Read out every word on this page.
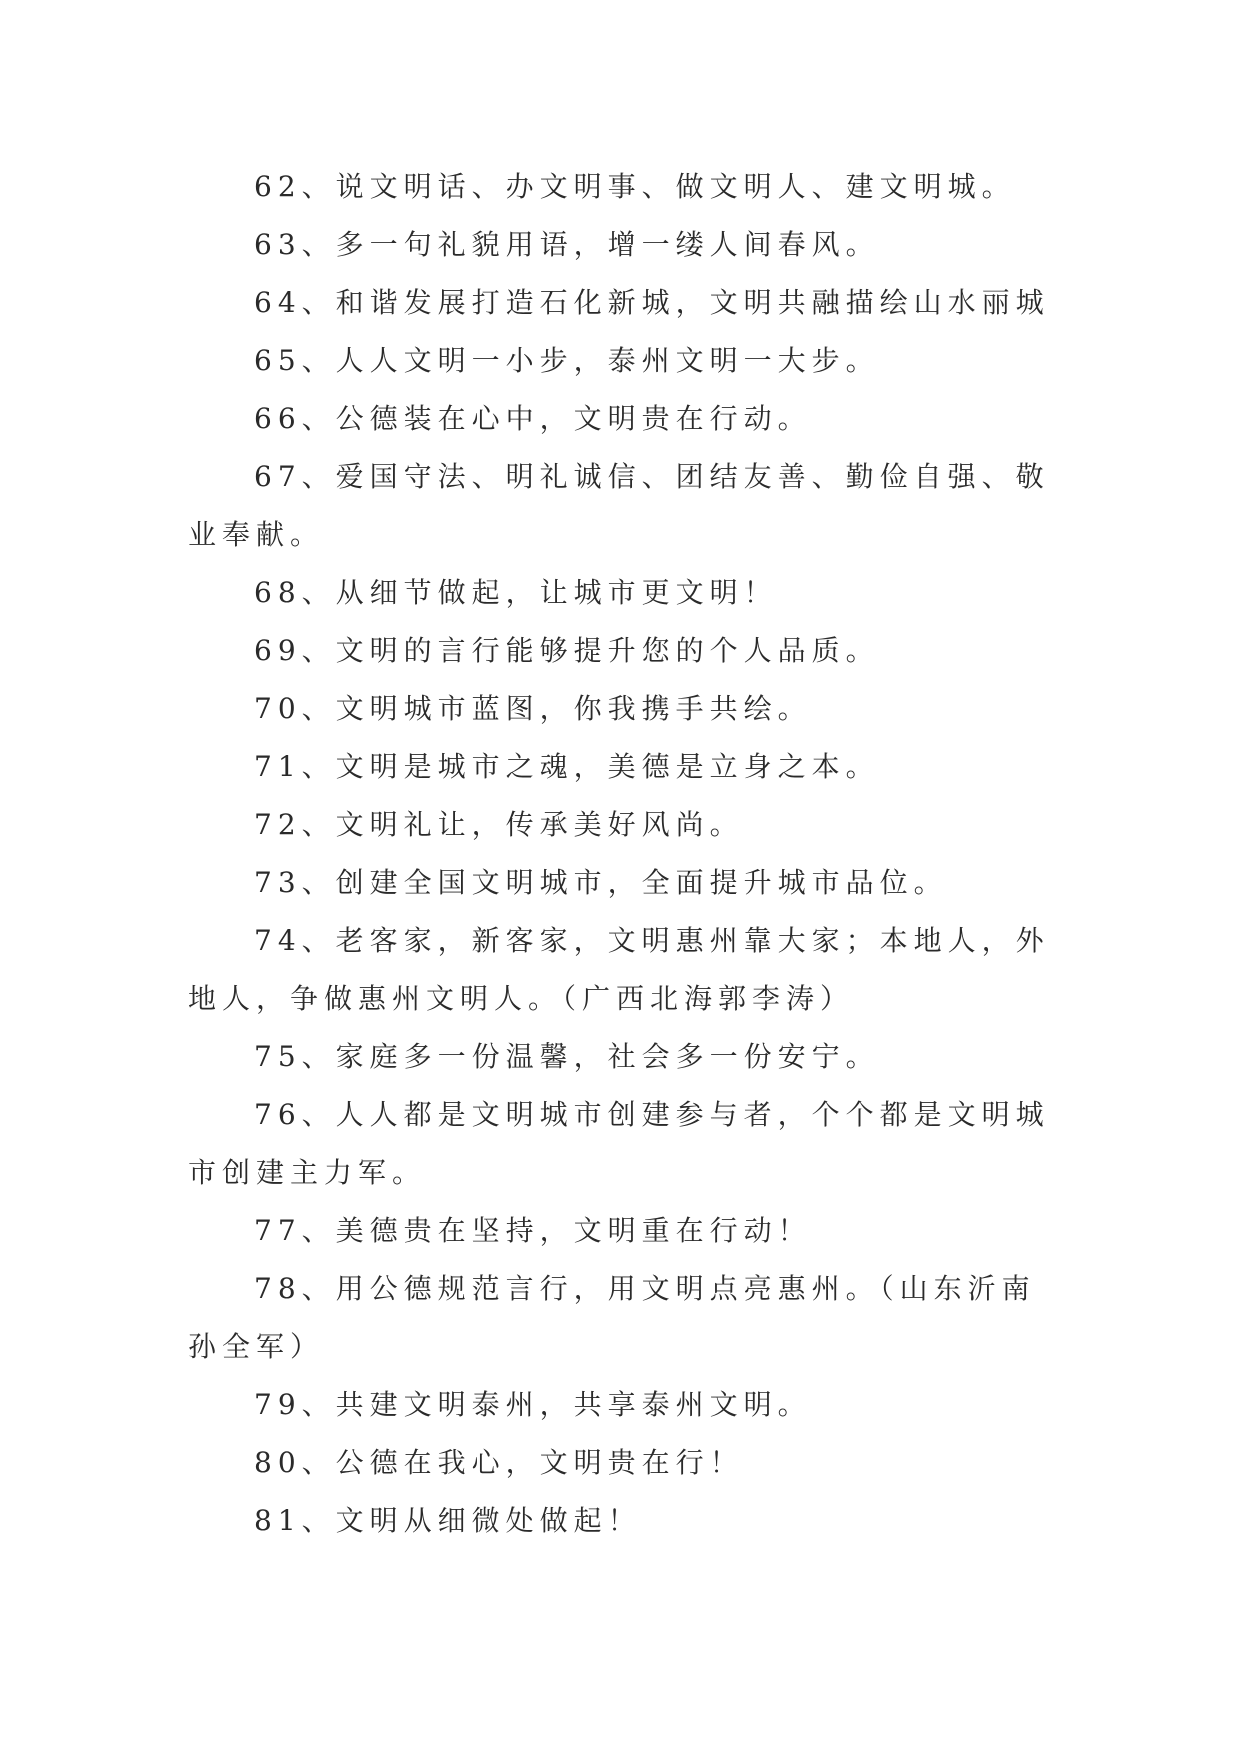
62、说文明话、办文明事、做文明人、建文明城。

63、多一句礼貌用语，增一缕人间春风。

64、和谐发展打造石化新城，文明共融描绘山水丽城

65、人人文明一小步，泰州文明一大步。

66、公德装在心中，文明贵在行动。

67、爱国守法、明礼诚信、团结友善、勤俭自强、敬业奉献。

68、从细节做起，让城市更文明！

69、文明的言行能够提升您的个人品质。

70、文明城市蓝图，你我携手共绘。

71、文明是城市之魂，美德是立身之本。

72、文明礼让，传承美好风尚。

73、创建全国文明城市，全面提升城市品位。

74、老客家，新客家，文明惠州靠大家；本地人，外地人，争做惠州文明人。（广西北海郭李涛）

75、家庭多一份温馨，社会多一份安宁。

76、人人都是文明城市创建参与者，个个都是文明城市创建主力军。

77、美德贵在坚持，文明重在行动！

78、用公德规范言行，用文明点亮惠州。（山东沂南孙全军）

79、共建文明泰州，共享泰州文明。

80、公德在我心，文明贵在行！

81、文明从细微处做起！
